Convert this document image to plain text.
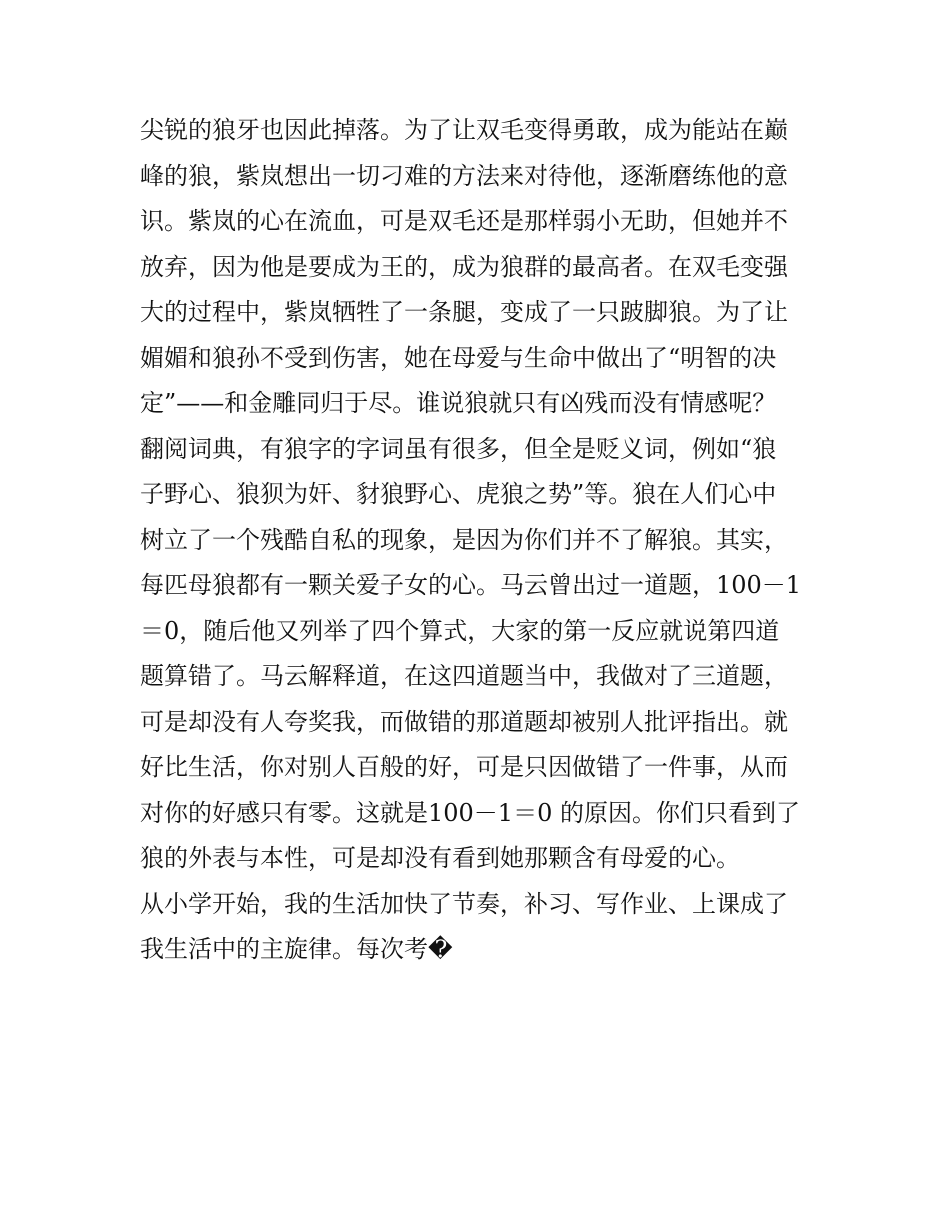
尖锐的狼牙也因此掉落。为了让双毛变得勇敢，成为能站在巅
峰的狼，紫岚想出一切刁难的方法来对待他，逐渐磨练他的意
识。紫岚的心在流血，可是双毛还是那样弱小无助，但她并不
放弃，因为他是要成为王的，成为狼群的最高者。在双毛变强
大的过程中，紫岚牺牲了一条腿，变成了一只跛脚狼。为了让
媚媚和狼孙不受到伤害，她在母爱与生命中做出了“明智的决
定”——和金雕同归于尽。谁说狼就只有凶残而没有情感呢？
翻阅词典，有狼字的字词虽有很多，但全是贬义词，例如“狼
子野心、狼狈为奸、豺狼野心、虎狼之势”等。狼在人们心中
树立了一个残酷自私的现象，是因为你们并不了解狼。其实，
每匹母狼都有一颗关爱子女的心。马云曾出过一道题，100－1
＝0，随后他又列举了四个算式，大家的第一反应就说第四道
题算错了。马云解释道，在这四道题当中，我做对了三道题，
可是却没有人夸奖我，而做错的那道题却被别人批评指出。就
好比生活，你对别人百般的好，可是只因做错了一件事，从而
对你的好感只有零。这就是100－1＝0 的原因。你们只看到了
狼的外表与本性，可是却没有看到她那颗含有母爱的心。
从小学开始，我的生活加快了节奏，补习、写作业、上课成了
我生活中的主旋律。每次考�
